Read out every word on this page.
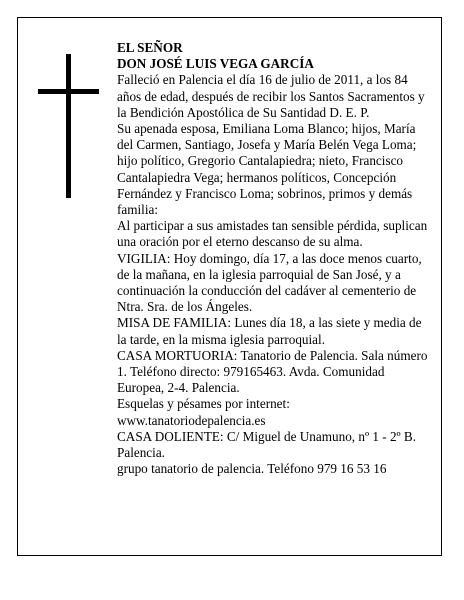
EL SEÑOR

DON JOSÉ LUIS VEGA GARCÍA

Falleció en Palencia el día 16 de julio de 2011, a los 84 años de edad, después de recibir los Santos Sacramentos y la Bendición Apostólica de Su Santidad D. E. P.

Su apenada esposa, Emiliana Loma Blanco; hijos, María del Carmen, Santiago, Josefa y María Belén Vega Loma; hijo político, Gregorio Cantalapiedra; nieto, Francisco Cantalapiedra Vega; hermanos políticos, Concepción Fernández y Francisco Loma; sobrinos, primos y demás familia:

Al participar a sus amistades tan sensible pérdida, suplican una oración por el eterno descanso de su alma.

VIGILIA: Hoy domingo, día 17, a las doce menos cuarto, de la mañana, en la iglesia parroquial de San José, y a continuación la conducción del cadáver al cementerio de Ntra. Sra. de los Ángeles.

MISA DE FAMILIA: Lunes día 18, a las siete y media de la tarde, en la misma iglesia parroquial.

CASA MORTUORIA: Tanatorio de Palencia. Sala número 1. Teléfono directo: 979165463. Avda. Comunidad Europea, 2-4. Palencia.

Esquelas y pésames por internet: www.tanatoriodepalencia.es

CASA DOLIENTE: C/ Miguel de Unamuno, nº 1 - 2º B. Palencia.

grupo tanatorio de palencia. Teléfono 979 16 53 16
